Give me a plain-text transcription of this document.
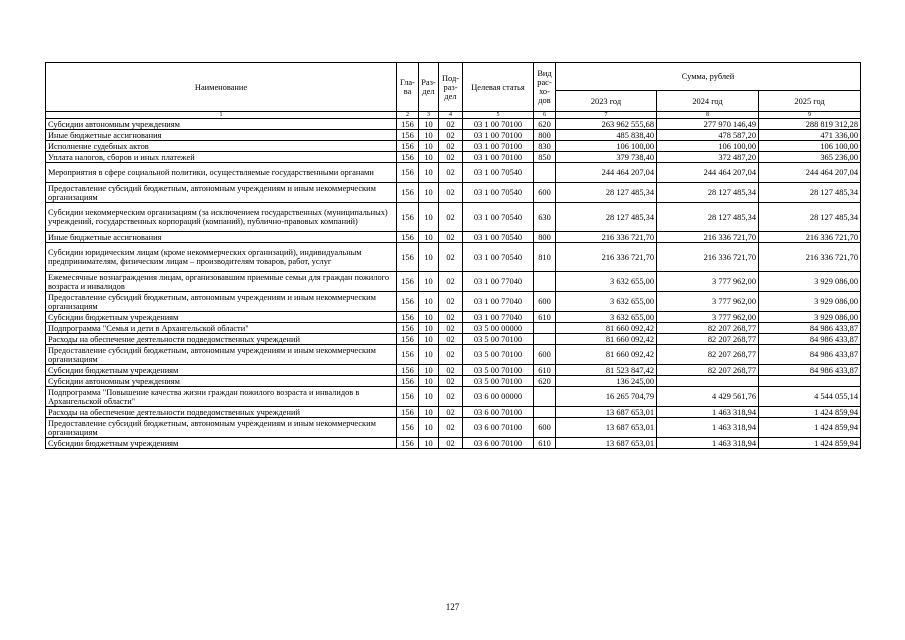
Наименование	Гла-ва	Раз-дел	Под-раз-дел	Целевая статья	Вид рас-хо-дов	Сумма, рублей		
						2023 год	2024 год	2025 год
1	2	3	4	5	6	7	8	9
Субсидии автономным учреждениям	156	10	02	03 1 00 70100	620	263 962 555,68	277 970 146,49	288 819 312,28
Иные бюджетные ассигнования	156	10	02	03 1 00 70100	800	485 838,40	478 587,20	471 336,00
Исполнение судебных актов	156	10	02	03 1 00 70100	830	106 100,00	106 100,00	106 100,00
Уплата налогов, сборов и иных платежей	156	10	02	03 1 00 70100	850	379 738,40	372 487,20	365 236,00
Мероприятия в сфере социальной политики, осуществляемые государственными органами	156	10	02	03 1 00 70540		244 464 207,04	244 464 207,04	244 464 207,04
Предоставление субсидий бюджетным, автономным учреждениям и иным некоммерческим организациям	156	10	02	03 1 00 70540	600	28 127 485,34	28 127 485,34	28 127 485,34
Субсидии некоммерческим организациям (за исключением государственных (муниципальных) учреждений, государственных корпораций (компаний), публично-правовых компаний)	156	10	02	03 1 00 70540	630	28 127 485,34	28 127 485,34	28 127 485,34
Иные бюджетные ассигнования	156	10	02	03 1 00 70540	800	216 336 721,70	216 336 721,70	216 336 721,70
Субсидии юридическим лицам (кроме некоммерческих организаций), индивидуальным предпринимателям, физическим лицам – производителям товаров, работ, услуг	156	10	02	03 1 00 70540	810	216 336 721,70	216 336 721,70	216 336 721,70
Ежемесячные вознаграждения лицам, организовавшим приемные семьи для граждан пожилого возраста и инвалидов	156	10	02	03 1 00 77040		3 632 655,00	3 777 962,00	3 929 086,00
Предоставление субсидий бюджетным, автономным учреждениям и иным некоммерческим организациям	156	10	02	03 1 00 77040	600	3 632 655,00	3 777 962,00	3 929 086,00
Субсидии бюджетным учреждениям	156	10	02	03 1 00 77040	610	3 632 655,00	3 777 962,00	3 929 086,00
Подпрограмма "Семья и дети в Архангельской области"	156	10	02	03 5 00 00000		81 660 092,42	82 207 268,77	84 986 433,87
Расходы на обеспечение деятельности подведомственных учреждений	156	10	02	03 5 00 70100		81 660 092,42	82 207 268,77	84 986 433,87
Предоставление субсидий бюджетным, автономным учреждениям и иным некоммерческим организациям	156	10	02	03 5 00 70100	600	81 660 092,42	82 207 268,77	84 986 433,87
Субсидии бюджетным учреждениям	156	10	02	03 5 00 70100	610	81 523 847,42	82 207 268,77	84 986 433,87
Субсидии автономным учреждениям	156	10	02	03 5 00 70100	620	136 245,00		
Подпрограмма "Повышение качества жизни граждан пожилого возраста и инвалидов в Архангельской области"	156	10	02	03 6 00 00000		16 265 704,79	4 429 561,76	4 544 055,14
Расходы на обеспечение деятельности подведомственных учреждений	156	10	02	03 6 00 70100		13 687 653,01	1 463 318,94	1 424 859,94
Предоставление субсидий бюджетным, автономным учреждениям и иным некоммерческим организациям	156	10	02	03 6 00 70100	600	13 687 653,01	1 463 318,94	1 424 859,94
Субсидии бюджетным учреждениям	156	10	02	03 6 00 70100	610	13 687 653,01	1 463 318,94	1 424 859,94
127
